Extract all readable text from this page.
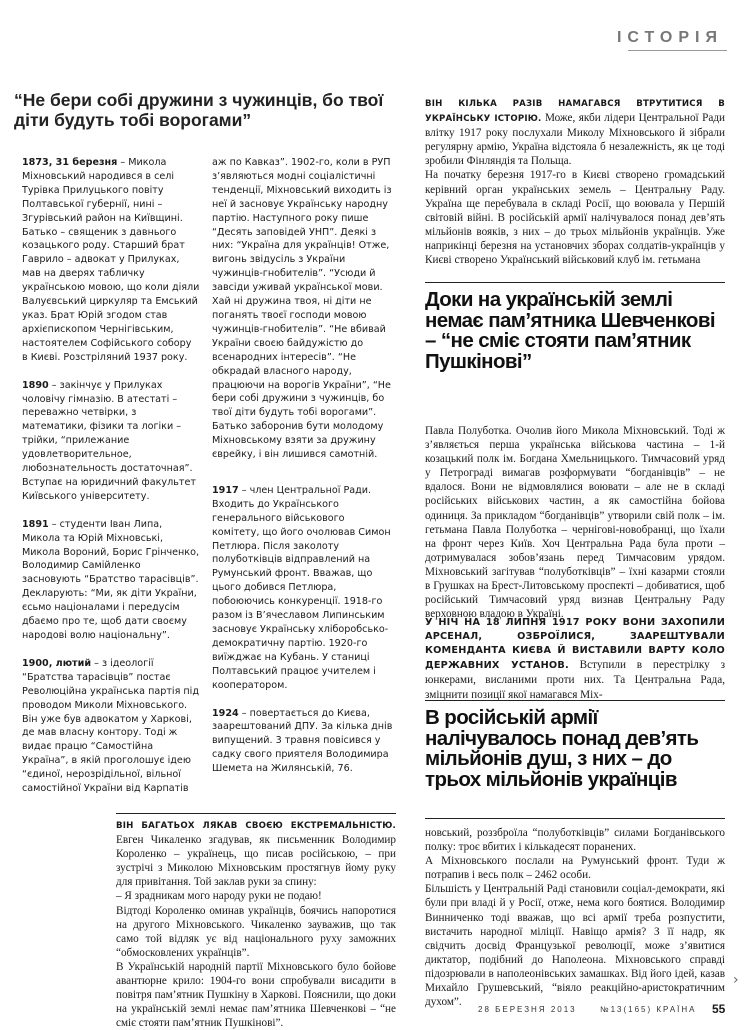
ІСТОРІЯ
“Не бери собі дружини з чужинців, бо твої діти будуть тобі ворогами”
1873, 31 березня – Микола Міхновський народився в селі Турівка Прилуцького повіту Полтавської губернії, нині – Згурівський район на Київщині. Батько – священик з давнього козацького роду. Старший брат Гаврило – адвокат у Прилуках, мав на дверях табличку українською мовою, що коли діяли Валуєвський циркуляр та Емський указ. Брат Юрій згодом став архієпископом Чернігівським, настоятелем Софійського собору в Києві. Розстріляний 1937 року.
1890 – закінчує у Прилуках чоловічу гімназію. В атестаті – переважно четвірки, з математики, фізики та логіки – трійки, “прилежание удовлетворительное, любознательность достаточная”. Вступає на юридичний факультет Київського університету.
1891 – студенти Іван Липа, Микола та Юрій Міхновські, Микола Вороний, Борис Грінченко, Володимир Самійленко засновують “Братство тарасівців”. Декларують: “Ми, як діти України, єсьмо націоналами і передусім дбаємо про те, щоб дати своєму народові волю національну”.
1900, лютий – з ідеології “Братства тарасівців” постає Революційна українська партія під проводом Миколи Міхновського. Він уже був адвокатом у Харкові, де мав власну контору. Тоді ж видає працю “Самостійна Україна”, в якій проголошує ідею “єдиної, нерозрідільної, вільної самостійної України від Карпатів
аж по Кавказ”. 1902-го, коли в РУП з’являються модні соціалістичні тенденції, Міхновський виходить із неї й засновує Українську народну партію. Наступного року пише “Десять заповідей УНП”. Деякі з них: “Україна для українців! Отже, вигонь звідусіль з України чужинців-гнобителів”. “Усюди й завсіди уживай української мови. Хай ні дружина твоя, ні діти не поганять твоєї господи мовою чужинців-гнобителів”. “Не вбивай України своєю байдужістю до всенародних інтересів”. “Не обкрадай власного народу, працюючи на ворогів України”, “Не бери собі дружини з чужинців, бо твої діти будуть тобі ворогами”. Батько заборонив бути молодому Міхновському взяти за дружину єврейку, і він лишився самотній.
1917 – член Центральної Ради. Входить до Українського генерального військового комітету, що його очолював Симон Петлюра. Після заколоту полуботківців відправлений на Румунський фронт. Вважав, що цього добився Петлюра, побоюючись конкуренції. 1918-го разом із В’ячеславом Липинським засновує Українську хліборобсько-демократичну партію. 1920-го виїжджає на Кубань. У станиці Полтавський працює учителем і кооператором.
1924 – повертається до Києва, заарештований ДПУ. За кілька днів випущений. 3 травня повісився у садку свого приятеля Володимира Шемета на Жилянській, 76.

ВІН БАГАТЬОХ ЛЯКАВ СВОЄЮ ЕКСТРЕМАЛЬНІСТЮ. Евген Чикаленко згадував, як письменник Володимир Короленко – українець, що писав російською, – при зустрічі з Миколою Міхновським простягнув йому руку для привітання. Той заклав руки за спину:

– Я зрадникам мого народу руки не подаю!

Відтоді Короленко оминав українців, боячись напоротися на другого Міхновського. Чикаленко зауважив, що так само той відляк ує від національного руху заможних “обмосковлених українців”.

В Українській народній партії Міхновського було бойове авантюрне крило: 1904-го вони спробували висадити в повітря пам’ятник Пушкіну в Харкові. Пояснили, що доки на українській землі немає пам’ятника Шевченкові – “не сміє стояти пам’ятник Пушкінові”.

ВІН КІЛЬКА РАЗІВ НАМАГАВСЯ ВТРУТИТИСЯ В УКРАЇНСЬКУ ІСТОРІЮ. Може, якби лідери Центральної Ради влітку 1917 року послухали Миколу Міхновського й зібрали регулярну армію, Україна відстояла б незалежність, як це тоді зробили Фінляндія та Польща.

На початку березня 1917-го в Києві створено громадський керівний орган українських земель – Центральну Раду. Україна ще перебувала в складі Росії, що воювала у Першій світовій війні. В російській армії налічувалося понад дев’ять мільйонів вояків, з них – до трьох мільйонів українців. Уже наприкінці березня на установчих зборах солдатів-українців у Києві створено Український військовий клуб ім. гетьмана

Доки на українській землі немає пам’ятника Шевченкові – “не сміє стояти пам’ятник Пушкінові”

Павла Полуботка. Очолив його Микола Міхновський. Тоді ж з’являється перша українська військова частина – 1-й козацький полк ім. Богдана Хмельницького. Тимчасовий уряд у Петрограді вимагав розформувати “богданівців” – не вдалося. Вони не відмовлялися воювати – але не в складі російських військових частин, а як самостійна бойова одиниця. За прикладом “богданівців” утворили свій полк – ім. гетьмана Павла Полуботка – чернігові-новобранці, що їхали на фронт через Київ. Хоч Центральна Рада була проти – дотримувалася зобов’язань перед Тимчасовим урядом. Міхновський загітував “полуботківців” – їхні казарми стояли в Грушках на Брест-Литовському проспекті – добиватися, щоб російський Тимчасовий уряд визнав Центральну Раду верховною владою в Україні.

У НІЧ НА 18 ЛИПНЯ 1917 РОКУ ВОНИ ЗАХОПИЛИ АРСЕНАЛ, ОЗБРОЇЛИСЯ, ЗААРЕШТУВАЛИ КОМЕНДАНТА КИЄВА Й ВИСТАВИЛИ ВАРТУ КОЛО ДЕРЖАВНИХ УСТАНОВ. Вступили в перестрілку з юнкерами, висланими проти них. Та Центральна Рада, зміцнити позиції якої намагався Міх-
В російській армії налічувалось понад дев’ять мільйонів душ, з них – до трьох мільйонів українців

новський, роззброїла “полуботківців” силами Богданівського полку: троє вбитих і кількадесят поранених.

А Міхновського послали на Румунський фронт. Туди ж потрапив і весь полк – 2462 особи.

Більшість у Центральній Раді становили соціал-демократи, які були при владі й у Росії, отже, нема кого боятися. Володимир Винниченко тоді вважав, що всі армії треба розпустити, вистачить народної міліції. Навіщо армія? З її надр, як свідчить досвід Французької революції, може з’явитися диктатор, подібний до Наполеона. Міхновського справді підозрювали в наполеонівських замашках. Від його ідей, казав Михайло Грушевський, “віяло реакційно-аристократичним духом”.

28 БЕРЕЗНЯ 2013	№13(165) КРАЇНА 55
›
